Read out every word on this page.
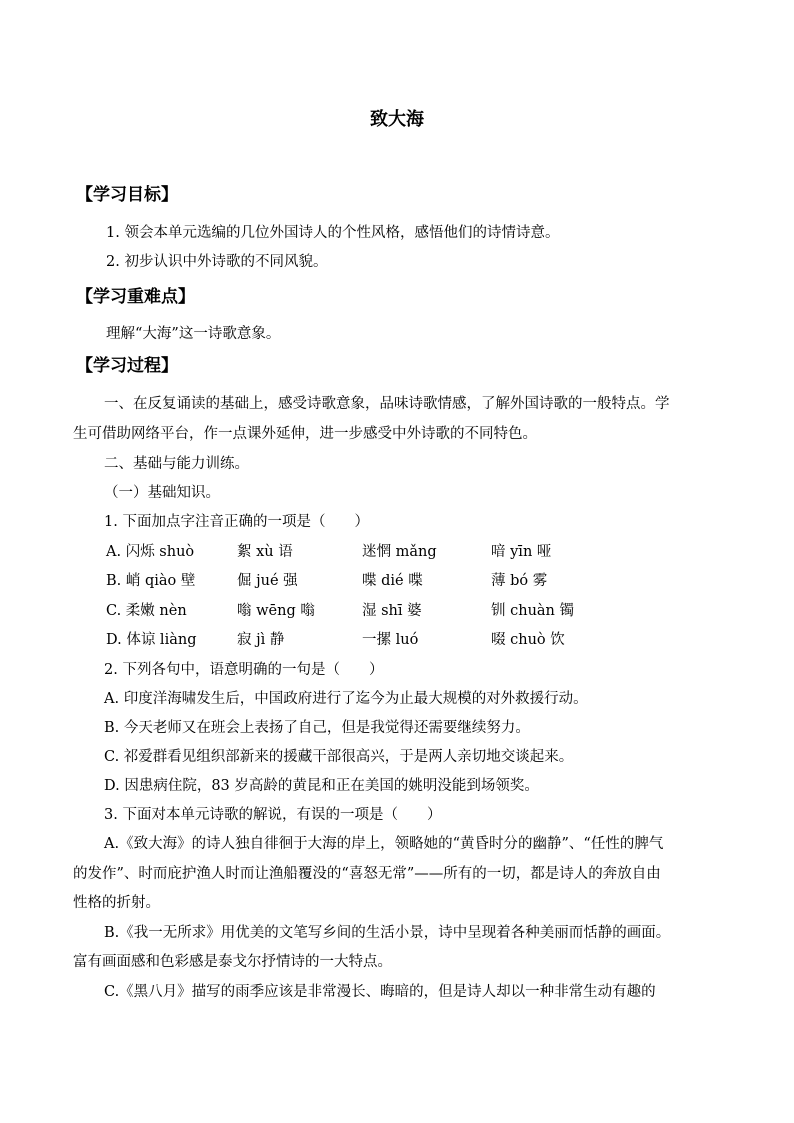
致大海
【学习目标】
1. 领会本单元选编的几位外国诗人的个性风格，感悟他们的诗情诗意。
2. 初步认识中外诗歌的不同风貌。
【学习重难点】
理解“大海”这一诗歌意象。
【学习过程】
一、在反复诵读的基础上，感受诗歌意象，品味诗歌情感，了解外国诗歌的一般特点。学
生可借助网络平台，作一点课外延伸，进一步感受中外诗歌的不同特色。
二、基础与能力训练。
（一）基础知识。
1. 下面加点字注音正确的一项是（　　）
A. 闪烁 shuò	絮 xù 语	迷惘 mǎng	喑 yīn 哑
B. 峭 qiào 壁	倔 jué 强	喋 dié 喋	薄 bó 雾
C. 柔嫩 nèn	嗡 wēng 嗡	湿 shī 婆	钏 chuàn 镯
D. 体谅 liàng	寂 jì 静	一摞 luó	啜 chuò 饮
2. 下列各句中，语意明确的一句是（　　）
A. 印度洋海啸发生后，中国政府进行了迄今为止最大规模的对外救援行动。
B. 今天老师又在班会上表扬了自己，但是我觉得还需要继续努力。
C. 祁爱群看见组织部新来的援藏干部很高兴，于是两人亲切地交谈起来。
D. 因患病住院，83 岁高龄的黄昆和正在美国的姚明没能到场领奖。
3. 下面对本单元诗歌的解说，有误的一项是（　　）
A.《致大海》的诗人独自徘徊于大海的岸上，领略她的“黄昏时分的幽静”、“任性的脾气
的发作”、时而庇护渔人时而让渔船覆没的“喜怒无常”——所有的一切，都是诗人的奔放自由
性格的折射。
B.《我一无所求》用优美的文笔写乡间的生活小景，诗中呈现着各种美丽而恬静的画面。
富有画面感和色彩感是泰戈尔抒情诗的一大特点。
C.《黑八月》描写的雨季应该是非常漫长、晦暗的，但是诗人却以一种非常生动有趣的
